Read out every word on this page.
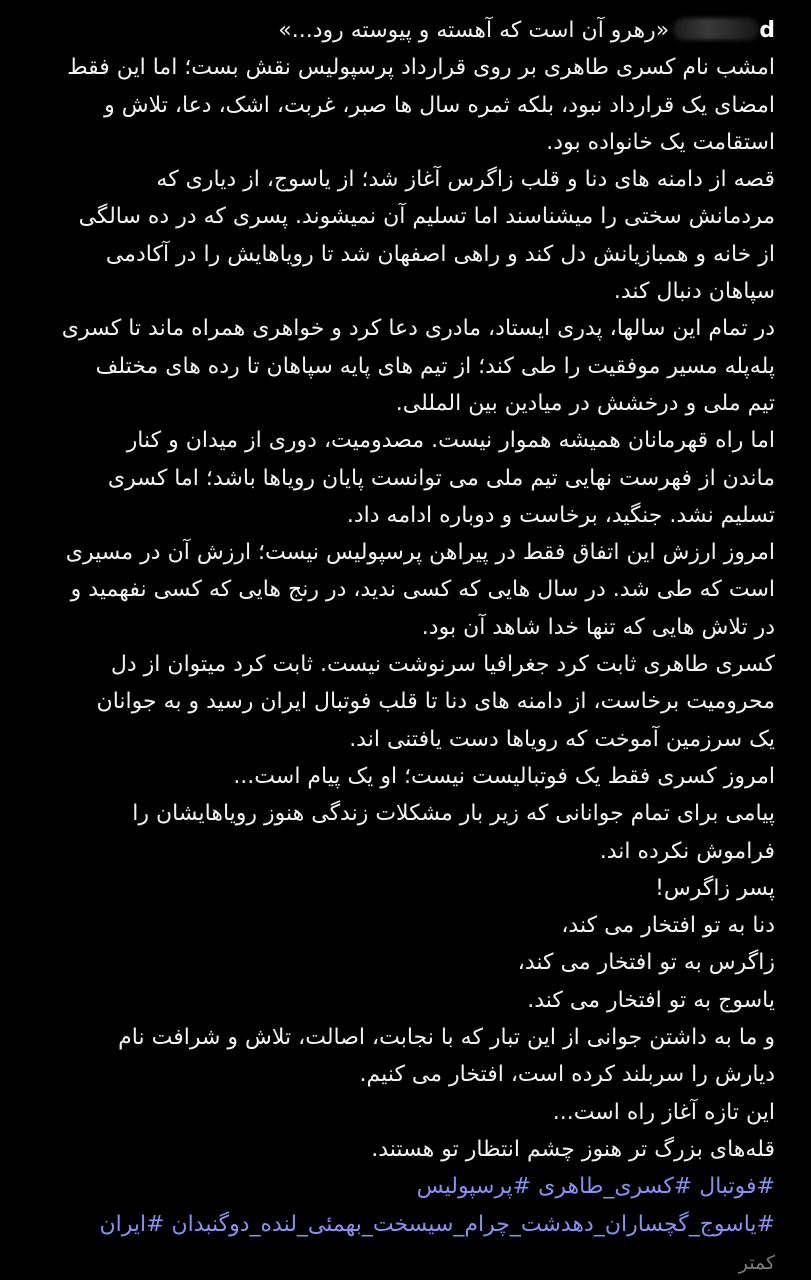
d«رهرو آن است که آهسته و پیوسته رود...»
امشب نام کسری طاهری بر روی قرارداد پرسپولیس نقش بست؛ اما این فقط
امضای یک قرارداد نبود، بلکه ثمره سال ها صبر، غربت، اشک، دعا، تلاش و
استقامت یک خانواده بود.
قصه از دامنه های دنا و قلب زاگرس آغاز شد؛ از یاسوج، از دیاری که
مردمانش سختی را میشناسند اما تسلیم آن نمیشوند. پسری که در ده سالگی
از خانه و همبازیانش دل کند و راهی اصفهان شد تا رویاهایش را در آکادمی
سپاهان دنبال کند.
در تمام این سالها، پدری ایستاد، مادری دعا کرد و خواهری همراه ماند تا کسری
پله‌پله مسیر موفقیت را طی کند؛ از تیم های پایه سپاهان تا رده های مختلف
تیم ملی و درخشش در میادین بین المللی.
اما راه قهرمانان همیشه هموار نیست. مصدومیت، دوری از میدان و کنار
ماندن از فهرست نهایی تیم ملی می توانست پایان رویاها باشد؛ اما کسری
تسلیم نشد. جنگید، برخاست و دوباره ادامه داد.
امروز ارزش این اتفاق فقط در پیراهن پرسپولیس نیست؛ ارزش آن در مسیری
است که طی شد. در سال هایی که کسی ندید، در رنج هایی که کسی نفهمید و
در تلاش هایی که تنها خدا شاهد آن بود.
کسری طاهری ثابت کرد جغرافیا سرنوشت نیست. ثابت کرد میتوان از دل
محرومیت برخاست، از دامنه های دنا تا قلب فوتبال ایران رسید و به جوانان
یک سرزمین آموخت که رویاها دست یافتنی اند.
امروز کسری فقط یک فوتبالیست نیست؛ او یک پیام است...
پیامی برای تمام جوانانی که زیر بار مشکلات زندگی هنوز رویاهایشان را
فراموش نکرده اند.
پسر زاگرس!
دنا به تو افتخار می کند،
زاگرس به تو افتخار می کند،
یاسوج به تو افتخار می کند.
و ما به داشتن جوانی از این تبار که با نجابت، اصالت، تلاش و شرافت نام
دیارش را سربلند کرده است، افتخار می کنیم.
این تازه آغاز راه است...
قله‌های بزرگ تر هنوز چشم انتظار تو هستند.
#فوتبال #کسری_طاهری #پرسپولیس
#یاسوج_گچساران_دهدشت_چرام_سیسخت_بهمئی_لنده_دوگنبدان #ایران
کمتر
